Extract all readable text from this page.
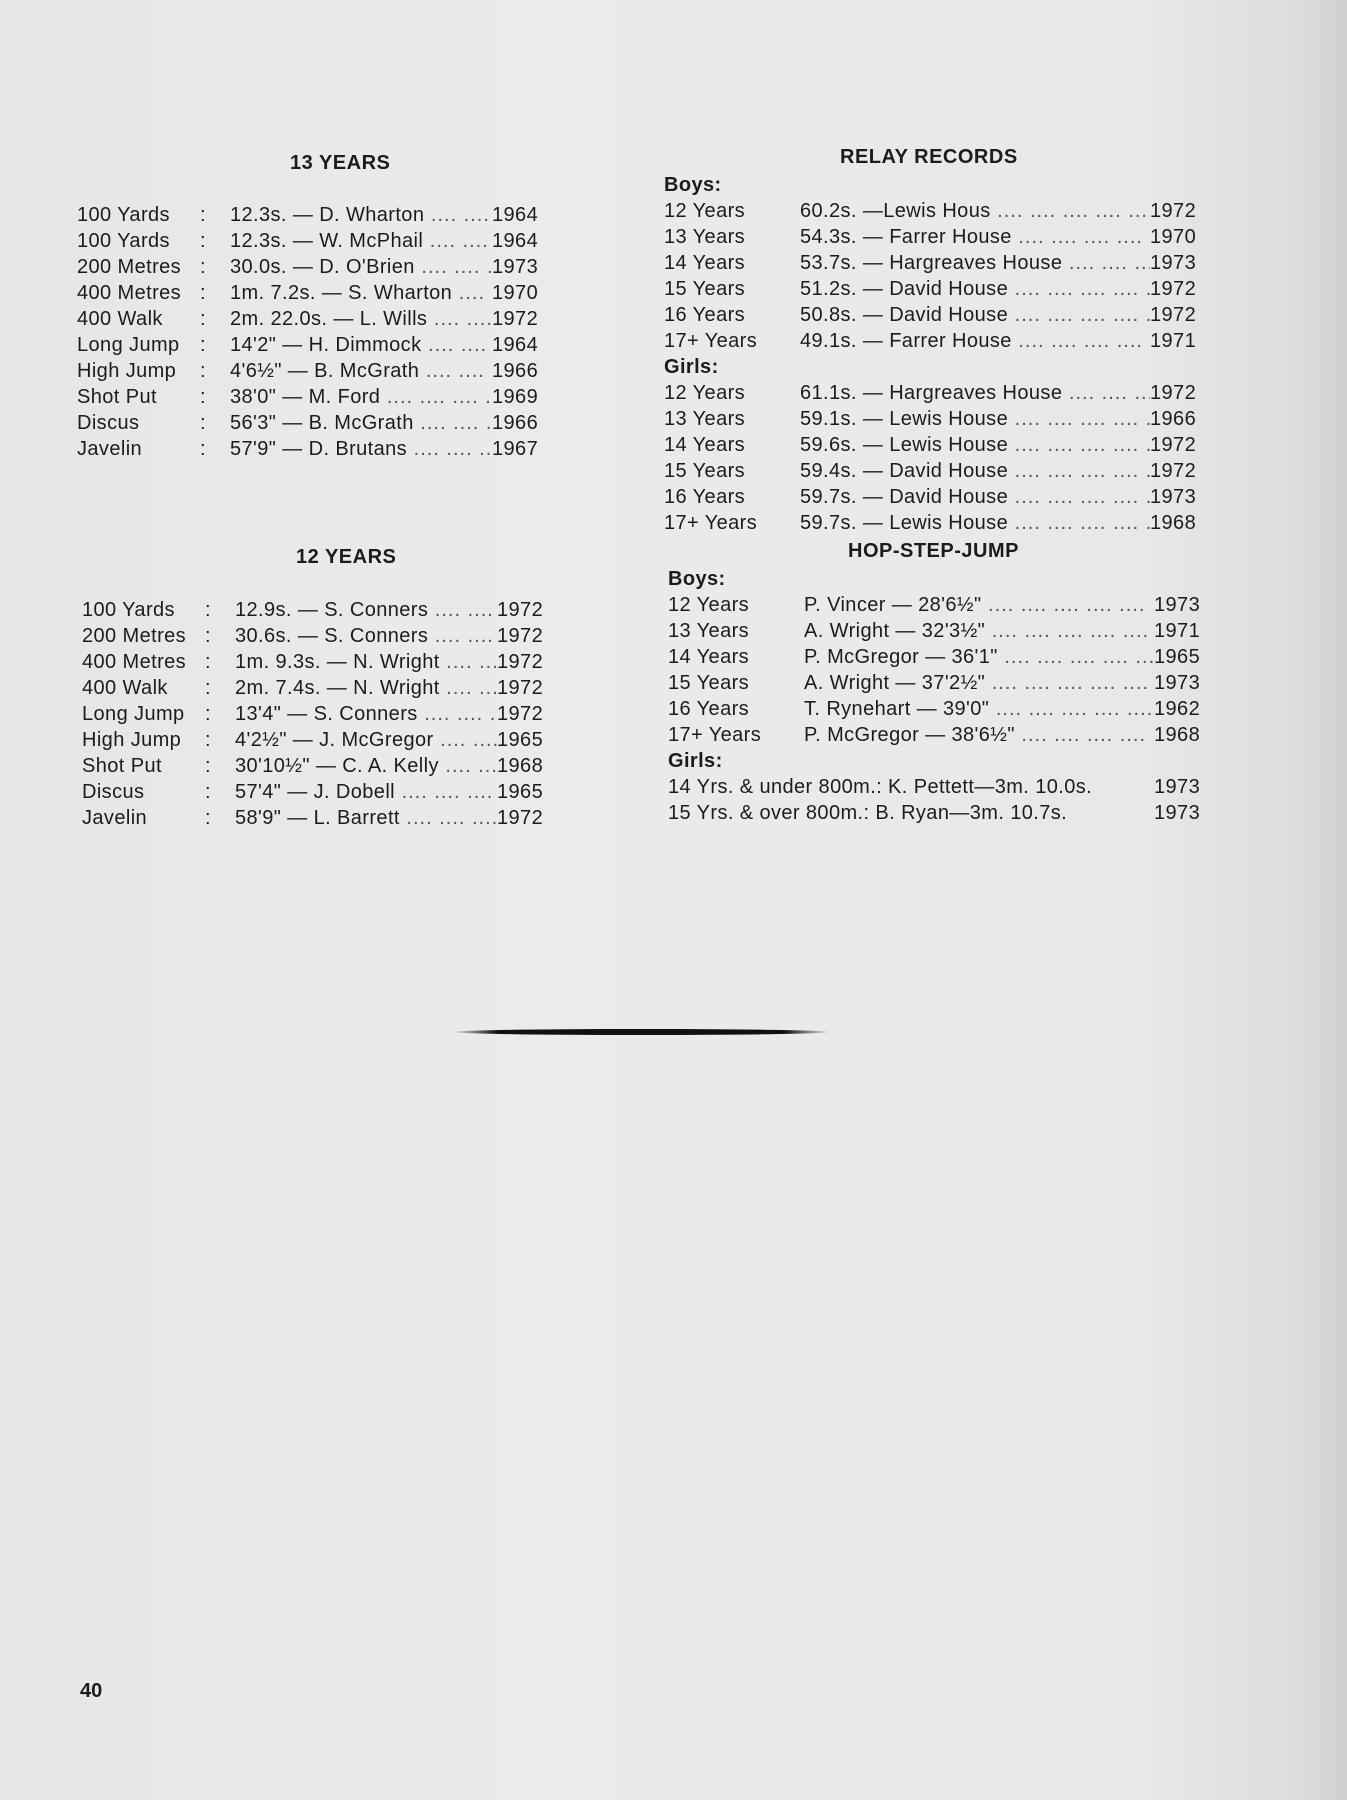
13 YEARS
100 Yards	:	12.3s. — D. Wharton ....	1964
100 Yards	:	12.3s. — W. McPhail ....	1964
200 Metres :	30.0s. — D. O'Brien ....	1973
400 Metres :	1m. 7.2s. — S. Wharton ....	1970
400 Walk	:	2m. 22.0s. — L. Wills ....	1972
Long Jump	:	14'2" — H. Dimmock ....	1964
High Jump	:	4'6½" — B. McGrath ....	1966
Shot Put	:	38'0" — M. Ford ....	1969
Discus	:	56'3" — B. McGrath ....	1966
Javelin	:	57'9" — D. Brutans ....	1967
12 YEARS
100 Yards	:	12.9s. — S. Conners ....	1972
200 Metres :	30.6s. — S. Conners ....	1972
400 Metres :	1m. 9.3s. — N. Wright ....	1972
400 Walk	:	2m. 7.4s. — N. Wright ....	1972
Long Jump	:	13'4" — S. Conners ....	1972
High Jump	:	4'2½" — J. McGregor ....	1965
Shot Put	:	30'10½" — C. A. Kelly ....	1968
Discus	:	57'4" — J. Dobell ....	1965
Javelin	:	58'9" — L. Barrett ....	1972
RELAY RECORDS
Boys:
12 Years	60.2s. —Lewis Hous ....	1972
13 Years	54.3s. — Farrer House ....	1970
14 Years	53.7s. — Hargreaves House ....	1973
15 Years	51.2s. — David House ....	1972
16 Years	50.8s. — David House ....	1972
17+ Years	49.1s. — Farrer House ....	1971
Girls:
12 Years	61.1s. — Hargreaves House ....	1972
13 Years	59.1s. — Lewis House ....	1966
14 Years	59.6s. — Lewis House ....	1972
15 Years	59.4s. — David House ....	1972
16 Years	59.7s. — David House ....	1973
17+ Years	59.7s. — Lewis House ....	1968
HOP-STEP-JUMP
Boys:
12 Years	P. Vincer — 28'6½" ....	1973
13 Years	A. Wright — 32'3½" ....	1971
14 Years	P. McGregor — 36'1" ....	1965
15 Years	A. Wright — 37'2½" ....	1973
16 Years	T. Rynehart — 39'0" ....	1962
17+ Years	P. McGregor — 38'6½" ....	1968
Girls:
14 Yrs. & under 800m.: K. Pettett—3m. 10.0s.	1973
15 Yrs. & over 800m.: B. Ryan—3m. 10.7s.	1973
40
